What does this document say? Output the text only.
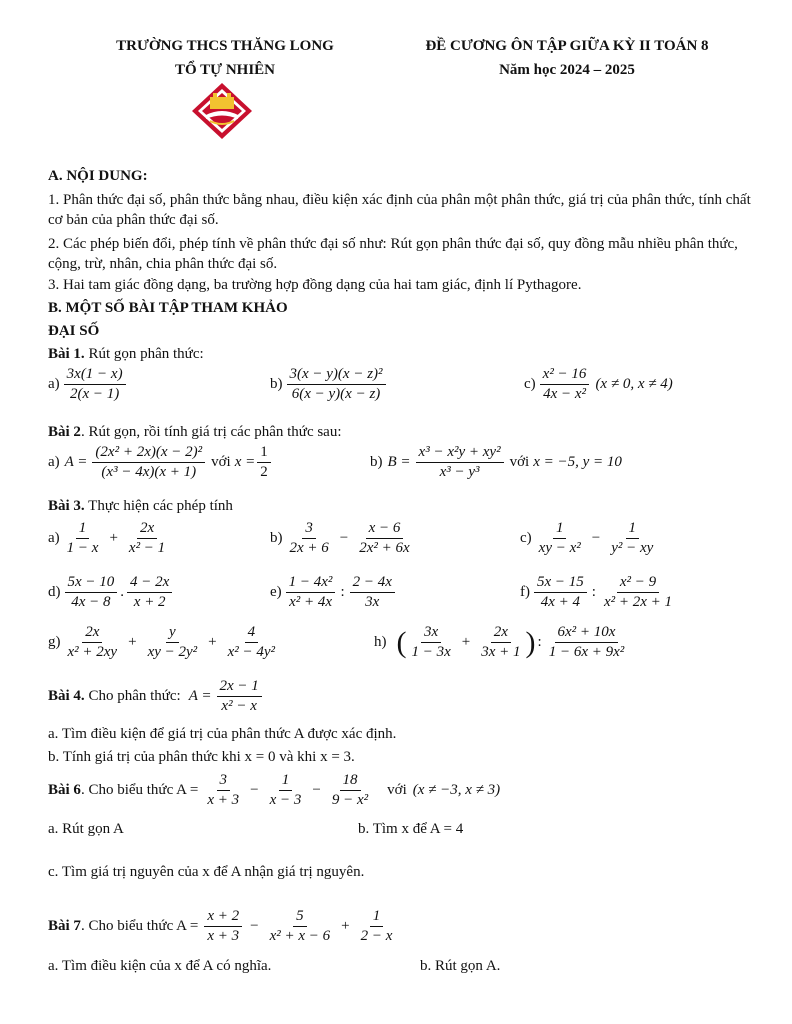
TRƯỜNG THCS THĂNG LONG
TỔ TỰ NHIÊN
ĐỀ CƯƠNG ÔN TẬP GIỮA KỲ II TOÁN 8
Năm học 2024 – 2025
A. NỘI DUNG:
1. Phân thức đại số, phân thức bằng nhau, điều kiện xác định của phân một phân thức, giá trị của phân thức, tính chất cơ bản của phân thức đại số.
2. Các phép biến đổi, phép tính về phân thức đại số như: Rút gọn phân thức đại số, quy đồng mẫu nhiều phân thức, cộng, trừ, nhân, chia phân thức đại số.
3. Hai tam giác đồng dạng, ba trường hợp đồng dạng của hai tam giác, định lí Pythagore.
B. MỘT SỐ BÀI TẬP THAM KHẢO
ĐẠI SỐ
Bài 1. Rút gọn phân thức:
$a) \frac{3x(1 - x)}{2(x - 1)}$	$b) \frac{\text{3(x − y)(x − z)²}}{6(x - y)(x - z)}$	$c) \frac{\text{x² − 16}}{\text{4x − x²}} (x \ne 0$, x ≠ 4)
Bài 2. Rút gọn, rồi tính giá trị các phân thức sau:
a) $A = \frac{\text{(2x² + 2x)(x − 2)²}}{\text{(x³ − 4x)(x + 1)}}$ với $x = \frac{1}{2}$	b) $B = \frac{\text{x³ − x²y + xy²}}{\text{x³ − y³}}$ với x = −5, y = 10
Bài 3. Thực hiện các phép tính
$a) \frac{1}{1 - x} + \frac{2x}{\text{x² − 1}}$	$b) \frac{3}{2x + 6} - \frac{x - 6}{\text{2x² + 6x}}$	$c) \frac{1}{\text{xy − x²}} - \frac{1}{\text{y² − xy}}$
$d) \frac{5x - 10}{4x - 8}$ . $\frac{4 - 2x}{x + 2}$	$e) \frac{\text{1 − 4x²}}{\text{x² + 4x}}$ : $\frac{2 - 4x}{3x}$	$f) \frac{5x - 15}{4x + 4}$ : $\frac{\text{x² − 9}}{\text{x² + 2x + 1}}$
$g) \frac{2x}{\text{x² + 2xy}} + \frac{y}{\text{xy − 2y²}} + \frac{4}{\text{x² − 4y²}}$	h) ( $\frac{3x}{1 - 3x} + \frac{2x}{3x + 1}$ ) : $\frac{\text{6x² + 10x}}{\text{1 − 6x + 9x²}}$
Bài 4. Cho phân thức: $A = \frac{2x - 1}{\text{x² − x}}$
a. Tìm điều kiện để giá trị của phân thức A được xác định.
b. Tính giá trị của phân thức khi x = 0 và khi x = 3.
Bài 6 . Cho biểu thức $A = \frac{3}{x + 3} - \frac{1}{x - 3} - \frac{18}{\text{9 − x²}}$ với (x ≠ −3, x ≠ 3)
a. Rút gọn A	b. Tìm x để A = 4
c. Tìm giá trị nguyên của x để A nhận giá trị nguyên.
Bài 7 . Cho biểu thức $A = \frac{x + 2}{x + 3} - \frac{5}{\text{x² + x − 6}} + \frac{1}{2 - x}$
a. Tìm điều kiện của x để A có nghĩa.	b. Rút gọn A.
